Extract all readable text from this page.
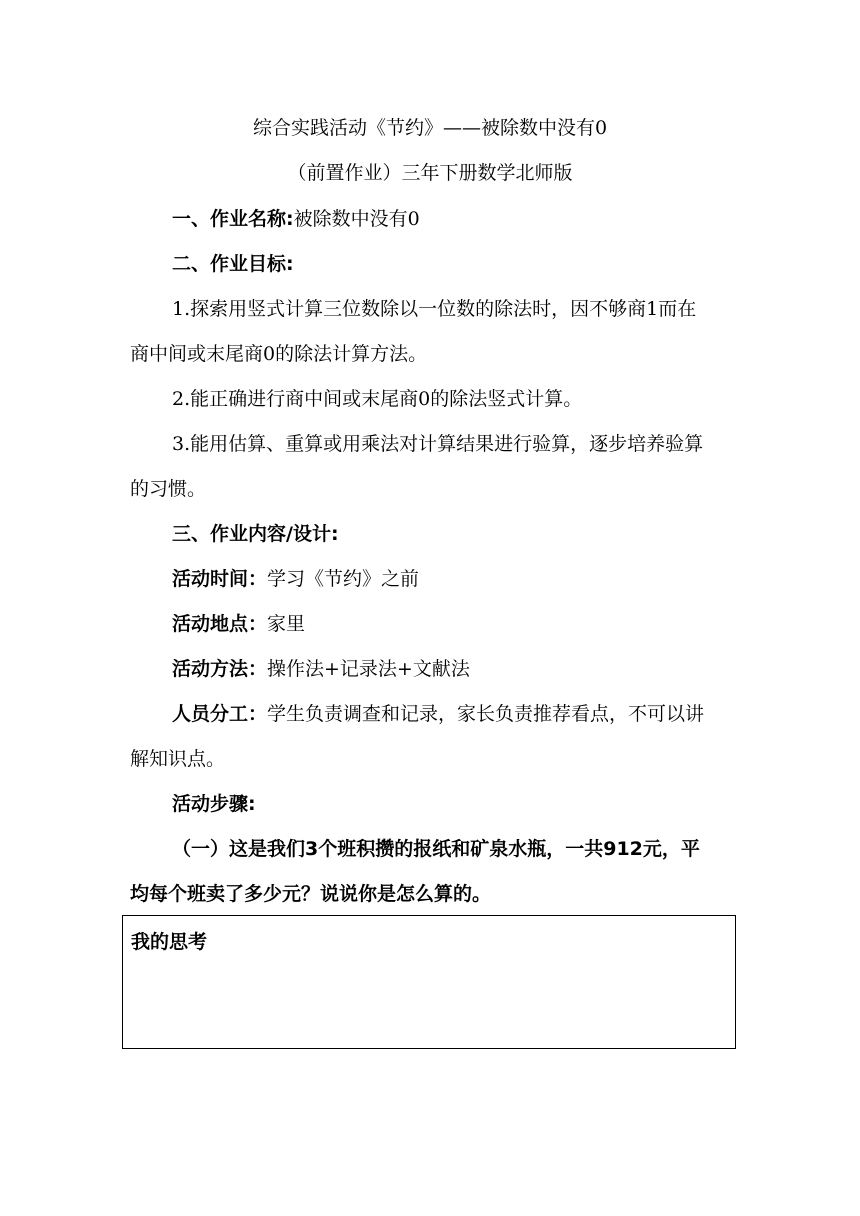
综合实践活动《节约》——被除数中没有0
（前置作业）三年下册数学北师版
一、作业名称:被除数中没有0
二、作业目标:
1.探索用竖式计算三位数除以一位数的除法时，因不够商1而在
商中间或末尾商0的除法计算方法。
2.能正确进行商中间或末尾商0的除法竖式计算。
3.能用估算、重算或用乘法对计算结果进行验算，逐步培养验算
的习惯。
三、作业内容/设计:
活动时间：学习《节约》之前
活动地点：家里
活动方法：操作法+记录法+文献法
人员分工：学生负责调查和记录，家长负责推荐看点，不可以讲
解知识点。
活动步骤:
（一）这是我们3个班积攒的报纸和矿泉水瓶，一共912元，平
均每个班卖了多少元？说说你是怎么算的。
我的思考
